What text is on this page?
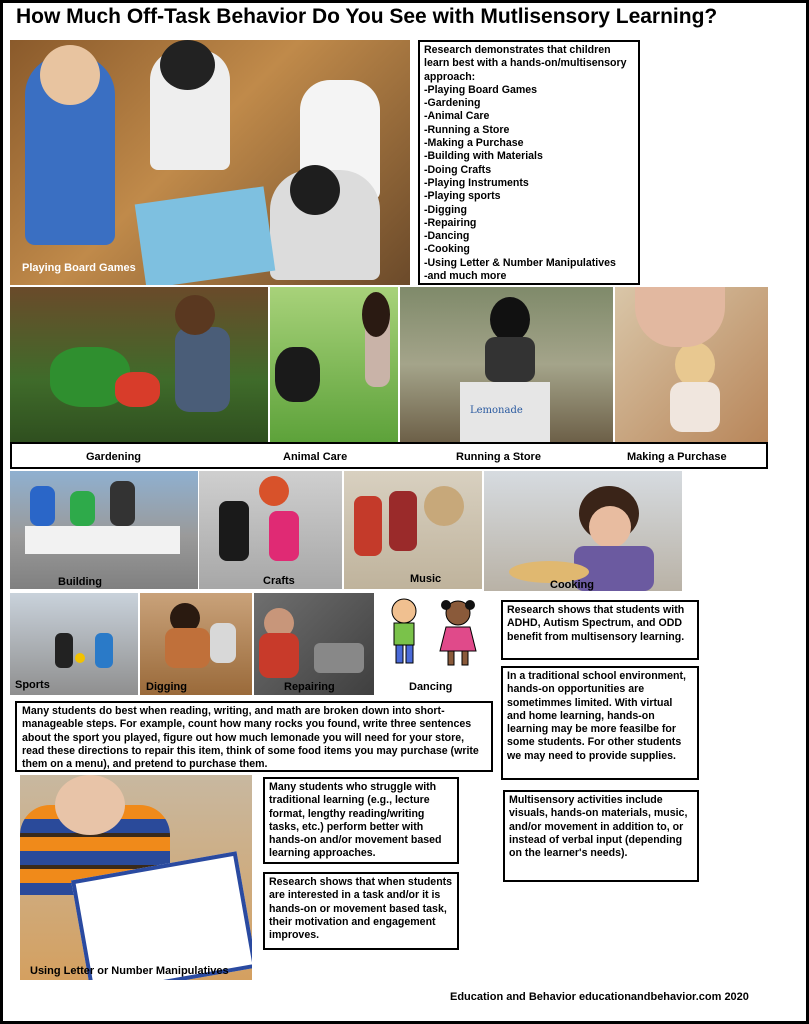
How Much Off-Task Behavior Do You See with Mutlisensory Learning?
Playing Board Games
Research demonstrates that children learn best with a hands-on/multisensory approach:
-Playing Board Games
-Gardening
-Animal Care
-Running a Store
-Making a Purchase
-Building with Materials
-Doing Crafts
-Playing Instruments
-Playing sports
-Digging
-Repairing
-Dancing
-Cooking
-Using Letter & Number Manipulatives
-and much more
Lemonade
Gardening	Animal Care	Running a Store	Making a Purchase
Building	Crafts	Music	Cooking
Sports	Digging	Repairing	Dancing
Research shows that students with ADHD, Autism Spectrum, and ODD benefit from multisensory learning.
In a traditional school environment, hands-on opportunities are sometimmes limited. With virtual and home learning, hands-on learning may be more feasilbe for some students. For other students we may need to provide supplies.
Many students do best when reading, writing, and math are broken down into short-manageable steps. For example, count how many rocks you found, write three sentences about the sport you played, figure out how much lemonade you will need for your store, read these directions to repair this item, think of some food items you may purchase (write them on a menu), and pretend to purchase them.
Using Letter or Number Manipulatives
Many students who struggle with traditional learning (e.g., lecture format, lengthy reading/writing tasks, etc.) perform better with hands-on and/or movement based learning approaches.
Multisensory activities include visuals, hands-on materials, music, and/or movement in addition to, or instead of verbal input (depending on the learner's needs).
Research shows that when students are interested in a task and/or it is hands-on or movement based task, their motivation and engagement improves.
Education and Behavior educationandbehavior.com 2020
